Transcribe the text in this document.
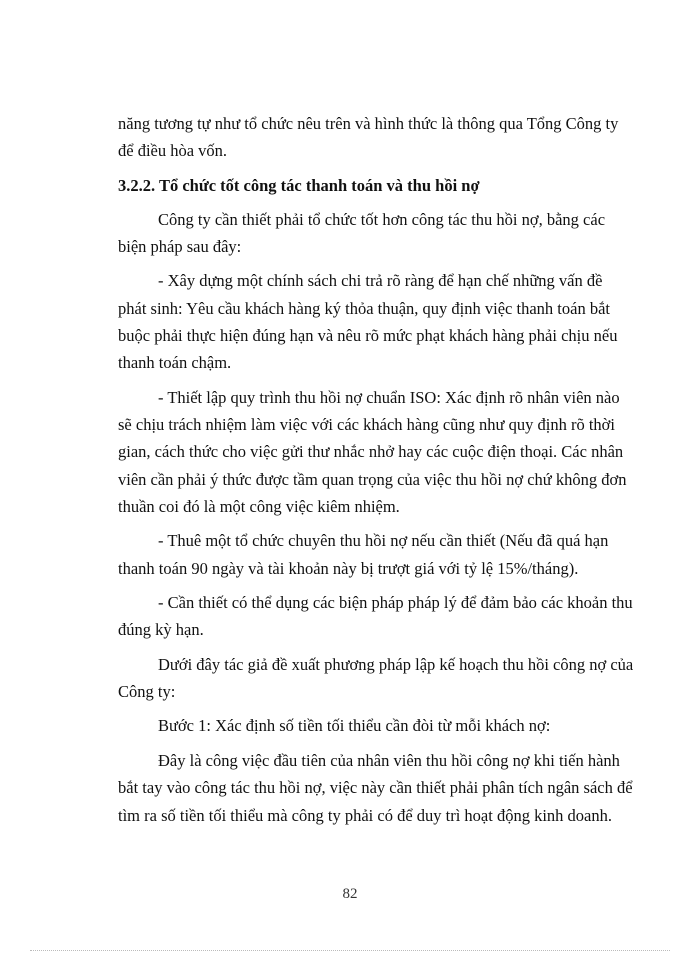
năng tương tự như tổ chức nêu trên và hình thức là thông qua Tổng Công ty
để điều hòa vốn.
3.2.2. Tổ chức tốt công tác thanh toán và thu hồi nợ
Công ty cần thiết phải tổ chức tốt hơn công tác thu hồi nợ, bằng các
biện pháp sau đây:
- Xây dựng một chính sách chi trả rõ ràng để hạn chế những vấn đề
phát sinh: Yêu cầu khách hàng ký thỏa thuận, quy định việc thanh toán bắt
buộc phải thực hiện đúng hạn và nêu rõ mức phạt khách hàng phải chịu nếu
thanh toán chậm.
- Thiết lập quy trình thu hồi nợ chuẩn ISO: Xác định rõ nhân viên nào
sẽ chịu trách nhiệm làm việc với các khách hàng cũng như quy định rõ thời
gian, cách thức cho việc gửi thư nhắc nhở hay các cuộc điện thoại. Các nhân
viên cần phải ý thức được tầm quan trọng của việc thu hồi nợ chứ không đơn
thuần coi đó là một công việc kiêm nhiệm.
- Thuê một tổ chức chuyên thu hồi nợ nếu cần thiết (Nếu đã quá hạn
thanh toán 90 ngày và tài khoản này bị trượt giá với tỷ lệ 15%/tháng).
- Cần thiết có thể dụng các biện pháp pháp lý để đảm bảo các khoản thu
đúng kỳ hạn.
Dưới đây tác giả đề xuất phương pháp lập kế hoạch thu hồi công nợ của
Công ty:
Bước 1: Xác định số tiền tối thiểu cần đòi từ mỗi khách nợ:
Đây là công việc đầu tiên của nhân viên thu hồi công nợ khi tiến hành
bắt tay vào công tác thu hồi nợ, việc này cần thiết phải phân tích ngân sách để
tìm ra số tiền tối thiểu mà công ty phải có để duy trì hoạt động kinh doanh.
82
